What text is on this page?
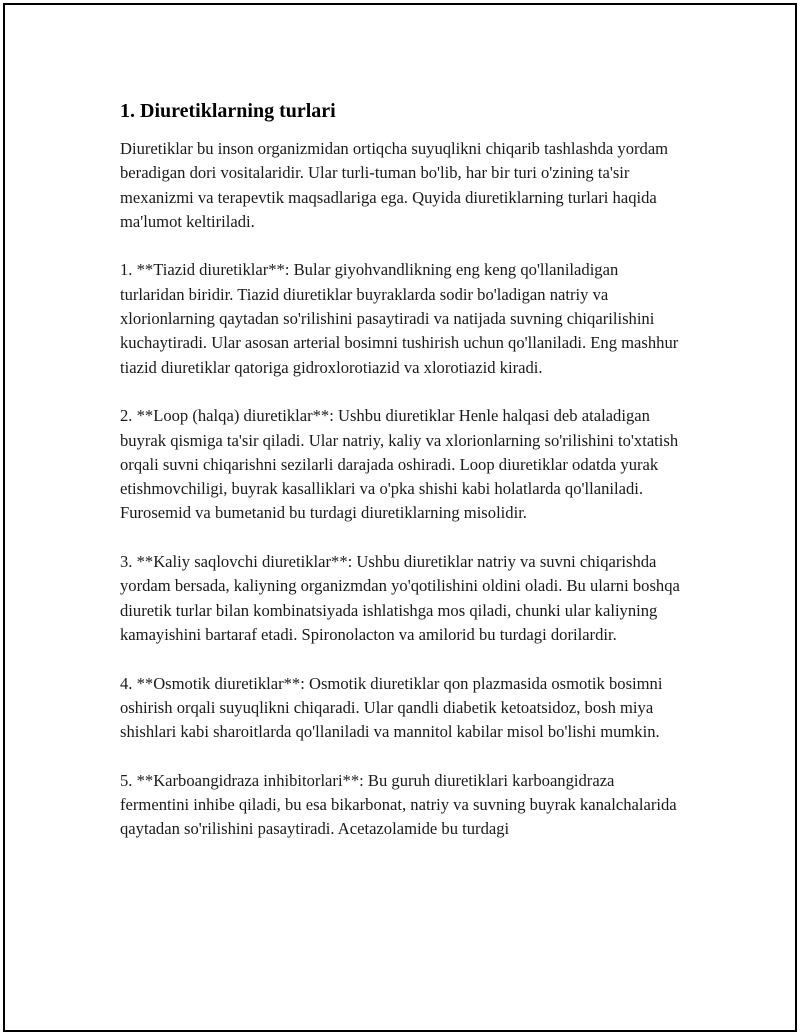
1. Diuretiklarning turlari

Diuretiklar bu inson organizmidan ortiqcha suyuqlikni chiqarib tashlashda yordam beradigan dori vositalaridir. Ular turli-tuman bo'lib, har bir turi o'zining ta'sir mexanizmi va terapevtik maqsadlariga ega. Quyida diuretiklarning turlari haqida ma'lumot keltiriladi.

1. **Tiazid diuretiklar**: Bular giyohvandlikning eng keng qo'llaniladigan turlaridan biridir. Tiazid diuretiklar buyraklarda sodir bo'ladigan natriy va xlorionlarning qaytadan so'rilishini pasaytiradi va natijada suvning chiqarilishini kuchaytiradi. Ular asosan arterial bosimni tushirish uchun qo'llaniladi. Eng mashhur tiazid diuretiklar qatoriga gidroxlorotiazid va xlorotiazid kiradi.

2. **Loop (halqa) diuretiklar**: Ushbu diuretiklar Henle halqasi deb ataladigan buyrak qismiga ta'sir qiladi. Ular natriy, kaliy va xlorionlarning so'rilishini to'xtatish orqali suvni chiqarishni sezilarli darajada oshiradi. Loop diuretiklar odatda yurak etishmovchiligi, buyrak kasalliklari va o'pka shishi kabi holatlarda qo'llaniladi. Furosemid va bumetanid bu turdagi diuretiklarning misolidir.

3. **Kaliy saqlovchi diuretiklar**: Ushbu diuretiklar natriy va suvni chiqarishda yordam bersada, kaliyning organizmdan yo'qotilishini oldini oladi. Bu ularni boshqa diuretik turlar bilan kombinatsiyada ishlatishga mos qiladi, chunki ular kaliyning kamayishini bartaraf etadi. Spironolacton va amilorid bu turdagi dorilardir.

4. **Osmotik diuretiklar**: Osmotik diuretiklar qon plazmasida osmotik bosimni oshirish orqali suyuqlikni chiqaradi. Ular qandli diabetik ketoatsidoz, bosh miya shishlari kabi sharoitlarda qo'llaniladi va mannitol kabilar misol bo'lishi mumkin.

5. **Karboangidraza inhibitorlari**: Bu guruh diuretiklari karboangidraza fermentini inhibe qiladi, bu esa bikarbonat, natriy va suvning buyrak kanalchalarida qaytadan so'rilishini pasaytiradi. Acetazolamide bu turdagi
